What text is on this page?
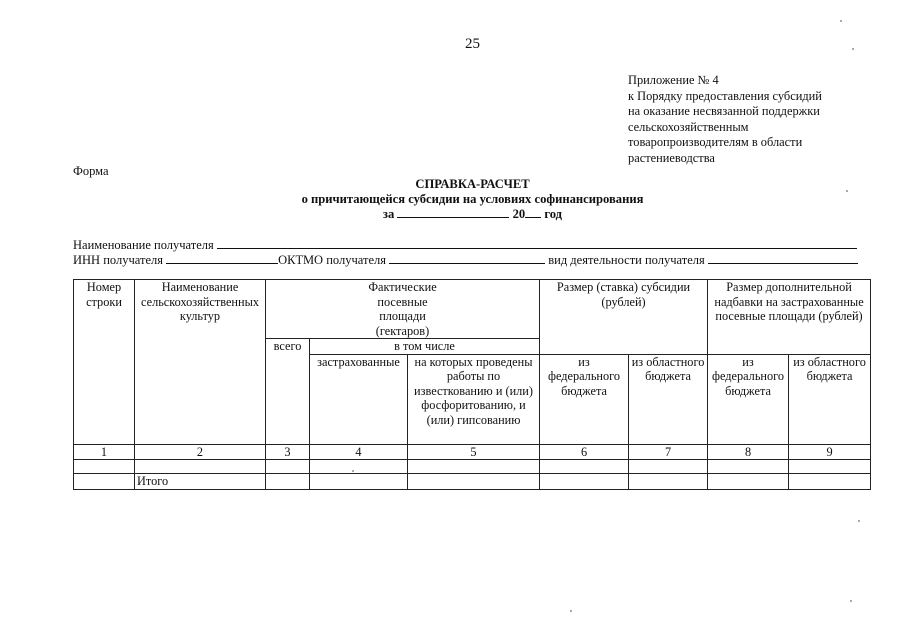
25
Приложение № 4
к Порядку предоставления субсидий
на оказание несвязанной поддержки
сельскохозяйственным
товаропроизводителям в области
растениеводства
Форма
СПРАВКА-РАСЧЕТ
о причитающейся субсидии на условиях софинансирования
за	20 год
Наименование получателя
ИНН получателя	ОКТМО получателя	вид деятельности получателя
Номер строки	Наименование сельскохозяйственных культур	Фактические посевные площади (гектаров)			Размер (ставка) субсидии (рублей)		Размер дополнительной надбавки на застрахованные посевные площади (рублей)	
		всего	в том числе					
			застрахованные	на которых проведены работы по известкованию и (или) фосфоритованию, и (или) гипсованию	из федерального бюджета	из областного бюджета	из федерального бюджета	из областного бюджета
1	2	3	4	5	6	7	8	9

	Итого							
